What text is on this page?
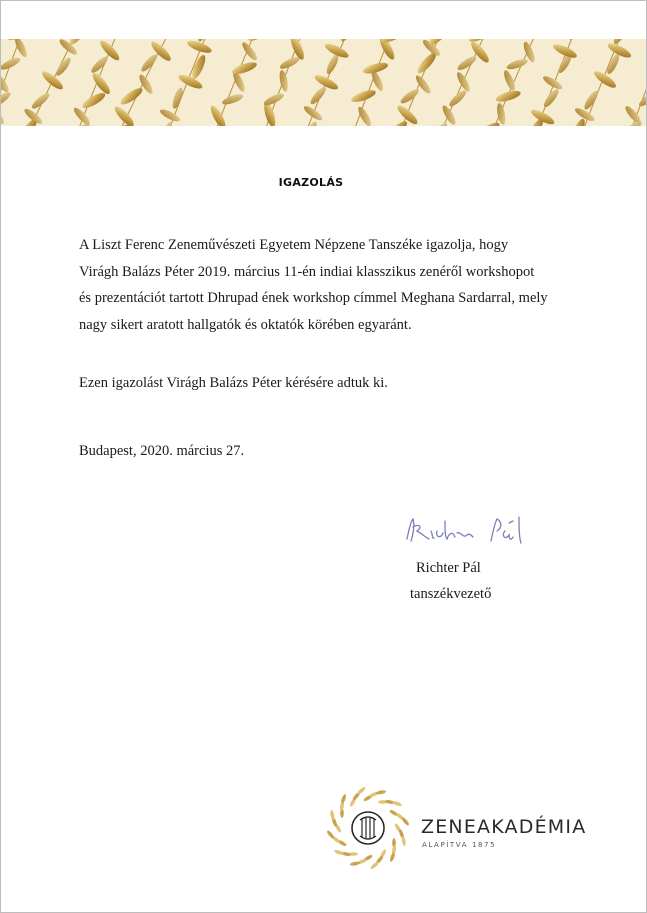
IGAZOLÁS

A Liszt Ferenc Zeneművészeti Egyetem Népzene Tanszéke igazolja, hogy Virágh Balázs Péter 2019. március 11-én indiai klasszikus zenéről workshopot és prezentációt tartott Dhrupad ének workshop címmel Meghana Sardarral, mely nagy sikert aratott hallgatók és oktatók körében egyaránt.

Ezen igazolást Virágh Balázs Péter kérésére adtuk ki.
Budapest, 2020. március 27.
Richter Pál
tanszékvezető
ZENEAKADÉMIA
ALAPÍTVA 1875
